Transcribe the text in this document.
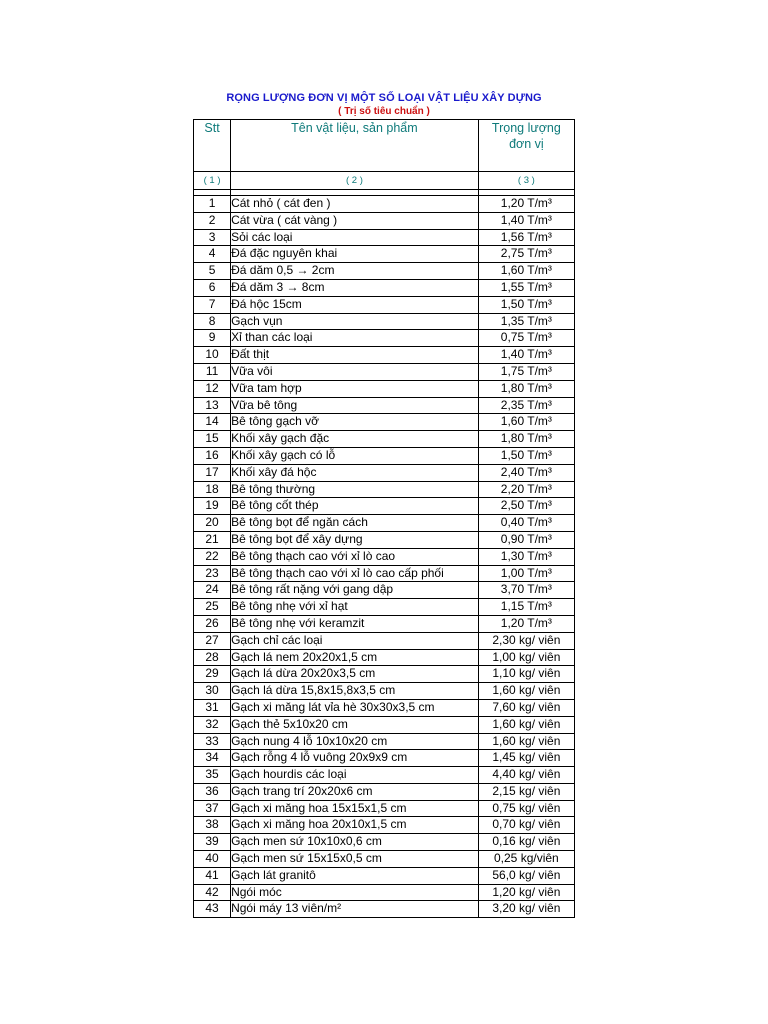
RỌNG LƯỢNG ĐƠN VỊ MỘT SỐ LOẠI VẬT LIỆU XÂY DỰNG
( Trị số tiêu chuẩn )
Stt	Tên vật liệu, sản phẩm	Trọng lượng
đơn vị

( 1 )	( 2 )	( 3 )

1	Cát nhỏ ( cát đen )	1,20 T/m³
2	Cát vừa ( cát vàng )	1,40 T/m³
3	Sỏi các loại	1,56 T/m³
4	Đá đặc nguyên khai	2,75 T/m³
5	Đá dăm 0,5 → 2cm	1,60 T/m³
6	Đá dăm 3 → 8cm	1,55 T/m³
7	Đá hộc 15cm	1,50 T/m³
8	Gạch vụn	1,35 T/m³
9	Xỉ than các loại	0,75 T/m³
10	Đất thịt	1,40 T/m³
11	Vữa vôi	1,75 T/m³
12	Vữa tam hợp	1,80 T/m³
13	Vữa bê tông	2,35 T/m³
14	Bê tông gạch vỡ	1,60 T/m³
15	Khối xây gạch đặc	1,80 T/m³
16	Khối xây gạch có lỗ	1,50 T/m³
17	Khối xây đá hộc	2,40 T/m³
18	Bê tông thường	2,20 T/m³
19	Bê tông cốt thép	2,50 T/m³
20	Bê tông bọt để ngăn cách	0,40 T/m³
21	Bê tông bọt để xây dựng	0,90 T/m³
22	Bê tông thạch cao với xỉ lò cao	1,30 T/m³
23	Bê tông thạch cao với xỉ lò cao cấp phối	1,00 T/m³
24	Bê tông rất nặng với gang dập	3,70 T/m³
25	Bê tông nhẹ với xỉ hạt	1,15 T/m³
26	Bê tông nhẹ với keramzit	1,20 T/m³
27	Gạch chỉ các loại	2,30 kg/ viên
28	Gạch lá nem 20x20x1,5 cm	1,00 kg/ viên
29	Gạch lá dừa 20x20x3,5 cm	1,10 kg/ viên
30	Gạch lá dừa 15,8x15,8x3,5 cm	1,60 kg/ viên
31	Gạch xi măng lát vỉa hè 30x30x3,5 cm	7,60 kg/ viên
32	Gạch thẻ 5x10x20 cm	1,60 kg/ viên
33	Gạch nung 4 lỗ 10x10x20 cm	1,60 kg/ viên
34	Gạch rỗng 4 lỗ vuông 20x9x9 cm	1,45 kg/ viên
35	Gạch hourdis các loại	4,40 kg/ viên
36	Gạch trang trí 20x20x6 cm	2,15 kg/ viên
37	Gạch xi măng hoa 15x15x1,5 cm	0,75 kg/ viên
38	Gạch xi măng hoa 20x10x1,5 cm	0,70 kg/ viên
39	Gạch men sứ 10x10x0,6 cm	0,16 kg/ viên
40	Gạch men sứ 15x15x0,5 cm	0,25 kg/viên
41	Gạch lát granitô	56,0 kg/ viên
42	Ngói móc	1,20 kg/ viên
43	Ngói máy 13 viên/m²	3,20 kg/ viên
